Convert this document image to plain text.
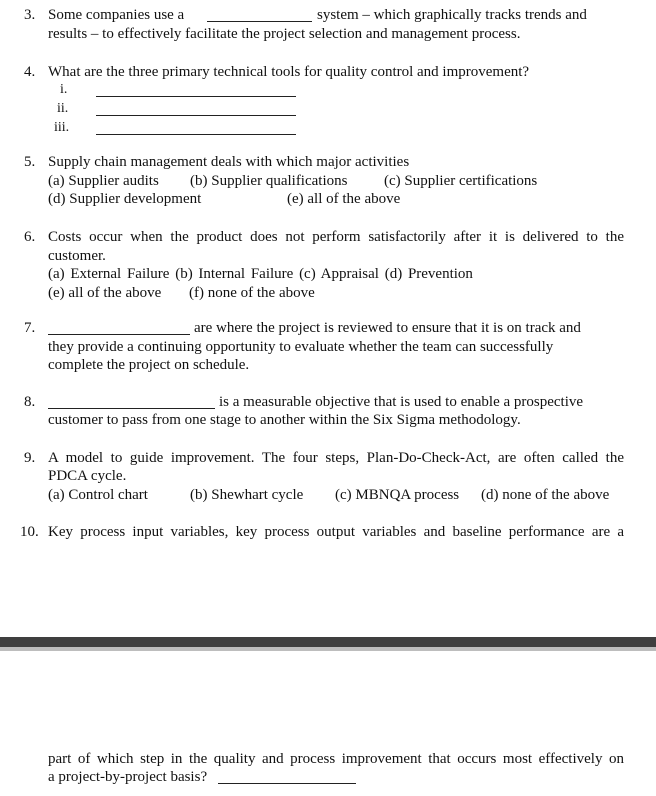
3. Some companies use a	system – which graphically tracks trends and
results – to effectively facilitate the project selection and management process.
4. What are the three primary technical tools for quality control and improvement?
i.
ii.
iii.
5. Supply chain management deals with which major activities
(a) Supplier audits (b) Supplier qualifications (c) Supplier certifications
(d) Supplier development	(e) all of the above
6. Costs occur when the product does not perform satisfactorily after it is delivered to the
customer.
(a) External Failure (b) Internal Failure (c) Appraisal (d) Prevention
(e) all of the above (f) none of the above
7.	are where the project is reviewed to ensure that it is on track and
they provide a continuing opportunity to evaluate whether the team can successfully
complete the project on schedule.
8.	is a measurable objective that is used to enable a prospective
customer to pass from one stage to another within the Six Sigma methodology.
9. A model to guide improvement. The four steps, Plan-Do-Check-Act, are often called the
PDCA cycle.
(a) Control chart	(b) Shewhart cycle (c) MBNQA process (d) none of the above
10. Key process input variables, key process output variables and baseline performance are a
part of which step in the quality and process improvement that occurs most effectively on
a project-by-project basis?
